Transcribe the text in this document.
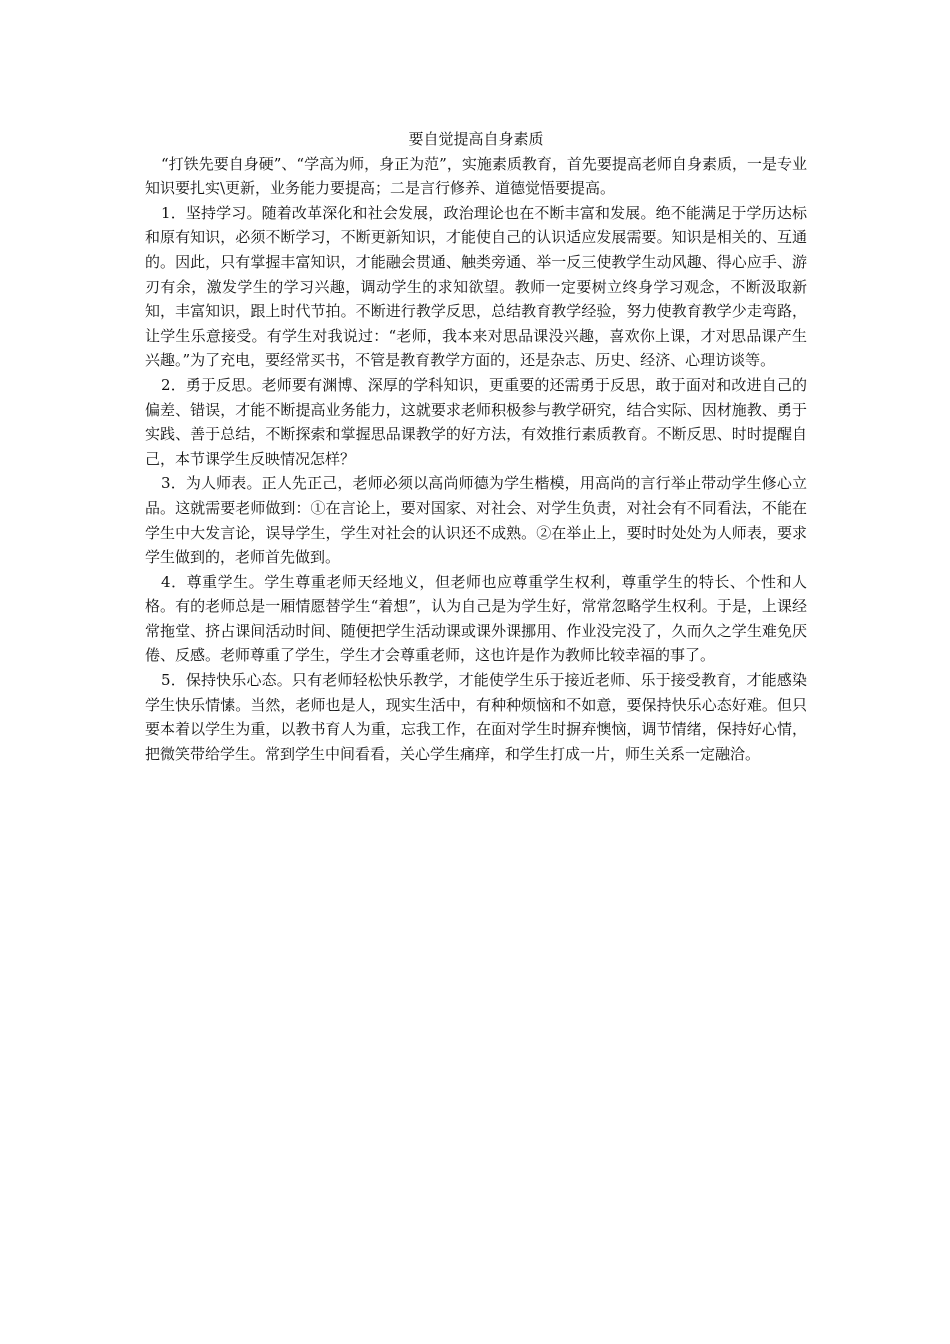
要自觉提高自身素质

“打铁先要自身硬”、“学高为师，身正为范”，实施素质教育，首先要提高老师自身素质，一是专业知识要扎实\更新，业务能力要提高；二是言行修养、道德觉悟要提高。

1．坚持学习。随着改革深化和社会发展，政治理论也在不断丰富和发展。绝不能满足于学历达标和原有知识，必须不断学习，不断更新知识，才能使自己的认识适应发展需要。知识是相关的、互通的。因此，只有掌握丰富知识，才能融会贯通、触类旁通、举一反三使教学生动风趣、得心应手、游刃有余，激发学生的学习兴趣，调动学生的求知欲望。教师一定要树立终身学习观念，不断汲取新知，丰富知识，跟上时代节拍。不断进行教学反思，总结教育教学经验，努力使教育教学少走弯路，让学生乐意接受。有学生对我说过：“老师，我本来对思品课没兴趣，喜欢你上课，才对思品课产生兴趣。”为了充电，要经常买书，不管是教育教学方面的，还是杂志、历史、经济、心理访谈等。

2．勇于反思。老师要有渊博、深厚的学科知识，更重要的还需勇于反思，敢于面对和改进自己的偏差、错误，才能不断提高业务能力，这就要求老师积极参与教学研究，结合实际、因材施教、勇于实践、善于总结，不断探索和掌握思品课教学的好方法，有效推行素质教育。不断反思、时时提醒自己，本节课学生反映情况怎样？

3．为人师表。正人先正己，老师必须以高尚师德为学生楷模，用高尚的言行举止带动学生修心立品。这就需要老师做到：①在言论上，要对国家、对社会、对学生负责，对社会有不同看法，不能在学生中大发言论，误导学生，学生对社会的认识还不成熟。②在举止上，要时时处处为人师表，要求学生做到的，老师首先做到。

4．尊重学生。学生尊重老师天经地义，但老师也应尊重学生权利，尊重学生的特长、个性和人格。有的老师总是一厢情愿替学生“着想”，认为自己是为学生好，常常忽略学生权利。于是，上课经常拖堂、挤占课间活动时间、随便把学生活动课或课外课挪用、作业没完没了，久而久之学生难免厌倦、反感。老师尊重了学生，学生才会尊重老师，这也许是作为教师比较幸福的事了。

5．保持快乐心态。只有老师轻松快乐教学，才能使学生乐于接近老师、乐于接受教育，才能感染学生快乐情愫。当然，老师也是人，现实生活中，有种种烦恼和不如意，要保持快乐心态好难。但只要本着以学生为重，以教书育人为重，忘我工作，在面对学生时摒弃懊恼，调节情绪，保持好心情，把微笑带给学生。常到学生中间看看，关心学生痛痒，和学生打成一片，师生关系一定融洽。
